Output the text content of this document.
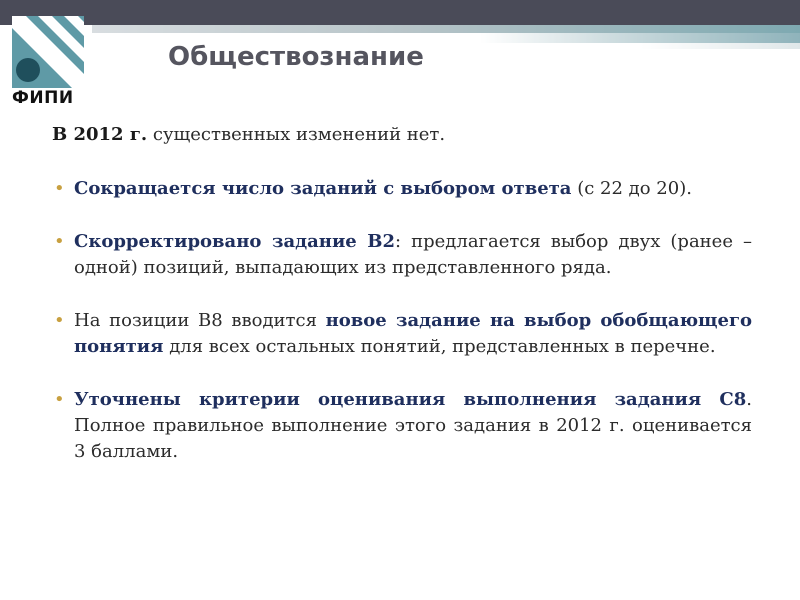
ФИПИ
Обществознание

В 2012 г. существенных изменений нет.

• Сокращается число заданий с выбором ответа (с 22 до 20).
• Скорректировано задание В2: предлагается выбор двух (ранее – одной) позиций, выпадающих из представленного ряда.
• На позиции В8 вводится новое задание на выбор обобщающего понятия для всех остальных понятий, представленных в перечне.
• Уточнены критерии оценивания выполнения задания С8. Полное правильное выполнение этого задания в 2012 г. оценивается 3 баллами.
